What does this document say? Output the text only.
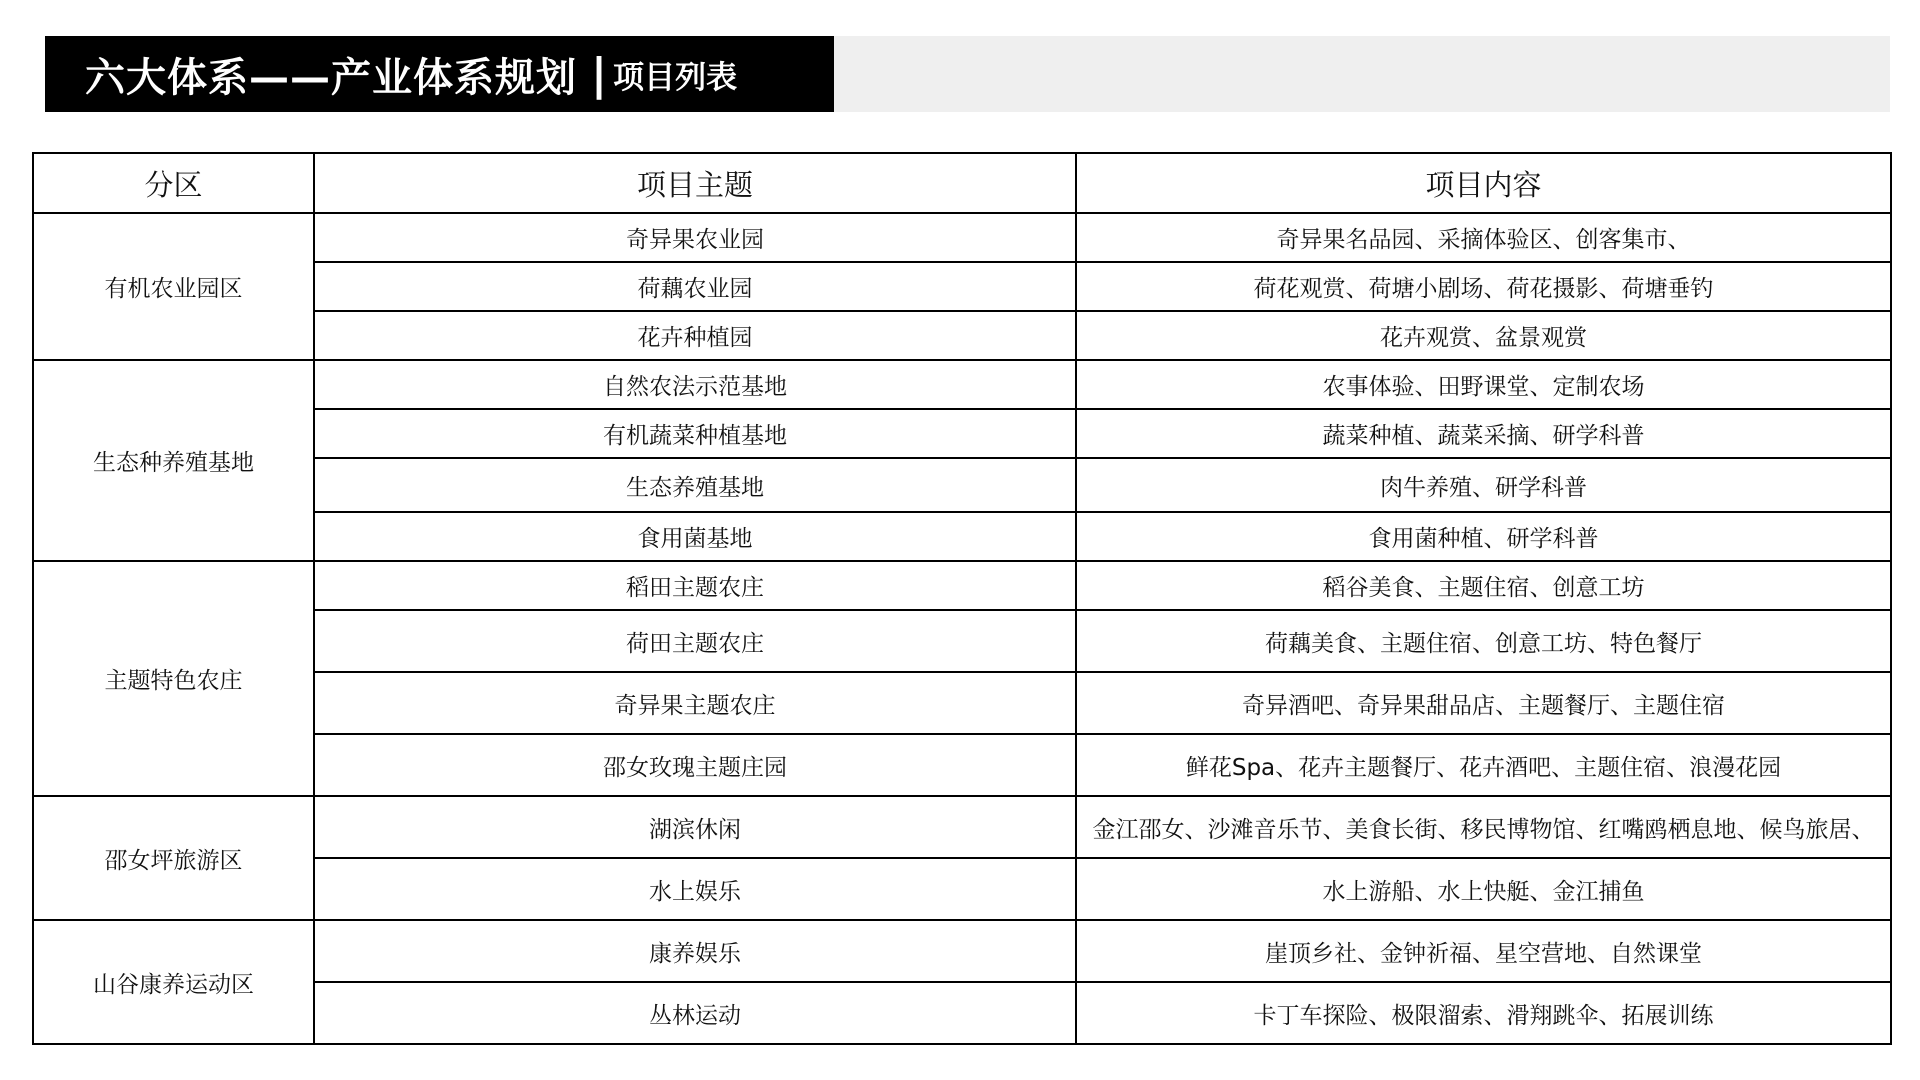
六大体系——产业体系规划 | 项目列表
分区	项目主题	项目内容
有机农业园区	奇异果农业园	奇异果名品园、采摘体验区、创客集市、
	荷藕农业园	荷花观赏、荷塘小剧场、荷花摄影、荷塘垂钓
	花卉种植园	花卉观赏、盆景观赏
生态种养殖基地	自然农法示范基地	农事体验、田野课堂、定制农场
	有机蔬菜种植基地	蔬菜种植、蔬菜采摘、研学科普
	生态养殖基地	肉牛养殖、研学科普
	食用菌基地	食用菌种植、研学科普
主题特色农庄	稻田主题农庄	稻谷美食、主题住宿、创意工坊
	荷田主题农庄	荷藕美食、主题住宿、创意工坊、特色餐厅
	奇异果主题农庄	奇异酒吧、奇异果甜品店、主题餐厅、主题住宿
	邵女玫瑰主题庄园	鲜花Spa、花卉主题餐厅、花卉酒吧、主题住宿、浪漫花园
邵女坪旅游区	湖滨休闲	金江邵女、沙滩音乐节、美食长街、移民博物馆、红嘴鸥栖息地、候鸟旅居、
	水上娱乐	水上游船、水上快艇、金江捕鱼
山谷康养运动区	康养娱乐	崖顶乡社、金钟祈福、星空营地、自然课堂
	丛林运动	卡丁车探险、极限溜索、滑翔跳伞、拓展训练
